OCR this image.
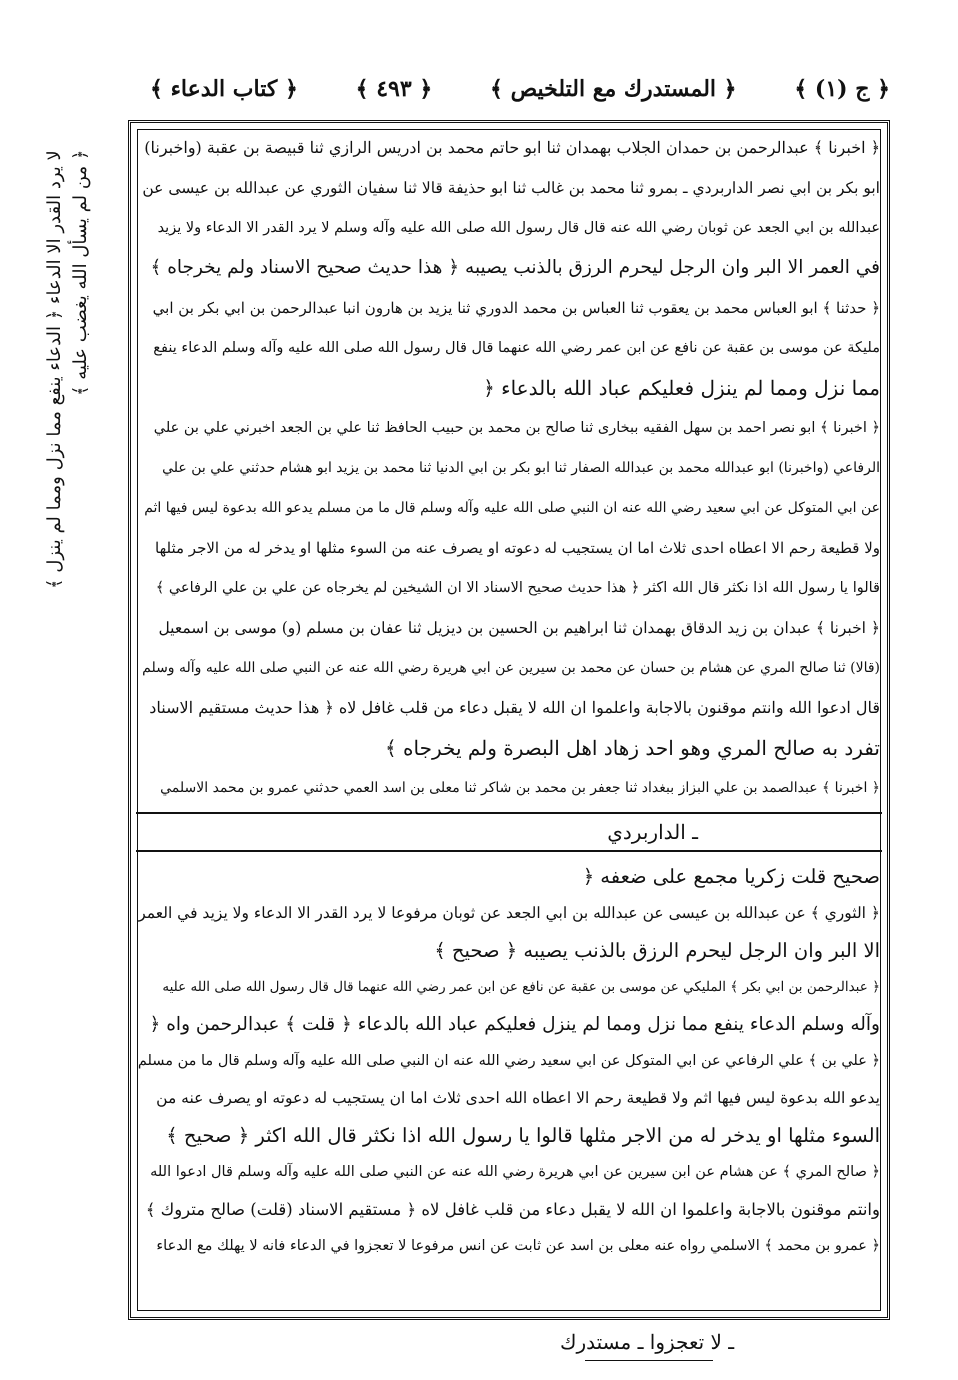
﴿ ج (١) ﴾
﴿ المستدرك مع التلخيص ﴾
﴿ ٤٩٣ ﴾
﴿ كتاب الدعاء ﴾
لا يرد القدر الا الدعاء ﴿ الدعاء ينفع مما نزل ومما لم ينزل ﴾ ﴿ من لم يسأل الله يغضب عليه ﴾
﴿ اخبرنا ﴾ عبدالرحمن بن حمدان الجلاب بهمدان ثنا ابو حاتم محمد بن ادريس الرازي ثنا قبيصة بن عقبة (واخبرنا)
ابو بكر بن ابي نصر الداربردي ـ بمرو ثنا محمد بن غالب ثنا ابو حذيفة قالا ثنا سفيان الثوري عن عبدالله بن عيسى عن
عبدالله بن ابي الجعد عن ثوبان رضي الله عنه قال قال رسول الله صلى الله عليه وآله وسلم لا يرد القدر الا الدعاء ولا يزيد
في العمر الا البر وان الرجل ليحرم الرزق بالذنب يصيبه ﴿ هذا حديث صحيح الاسناد ولم يخرجاه ﴾
﴿ حدثنا ﴾ ابو العباس محمد بن يعقوب ثنا العباس بن محمد الدوري ثنا يزيد بن هارون انبا عبدالرحمن بن ابي بكر بن ابي
مليكة عن موسى بن عقبة عن نافع عن ابن عمر رضي الله عنهما قال قال رسول الله صلى الله عليه وآله وسلم الدعاء ينفع
مما نزل ومما لم ينزل فعليكم عباد الله بالدعاء ﴿
﴿ اخبرنا ﴾ ابو نصر احمد بن سهل الفقيه ببخارى ثنا صالح بن محمد بن حبيب الحافظ ثنا علي بن الجعد اخبرني علي بن علي
الرفاعي (واخبرنا) ابو عبدالله محمد بن عبدالله الصفار ثنا ابو بكر بن ابي الدنيا ثنا محمد بن يزيد ابو هشام حدثني علي بن علي
عن ابي المتوكل عن ابي سعيد رضي الله عنه ان النبي صلى الله عليه وآله وسلم قال ما من مسلم يدعو الله بدعوة ليس فيها اثم
ولا قطيعة رحم الا اعطاه احدى ثلاث اما ان يستجيب له دعوته او يصرف عنه من السوء مثلها او يدخر له من الاجر مثلها
قالوا يا رسول الله اذا نكثر قال الله اكثر ﴿ هذا حديث صحيح الاسناد الا ان الشيخين لم يخرجاه عن علي بن علي الرفاعي ﴾
﴿ اخبرنا ﴾ عبدان بن زيد الدقاق بهمدان ثنا ابراهيم بن الحسين بن ديزيل ثنا عفان بن مسلم (و) موسى بن اسمعيل
(قالا) ثنا صالح المري عن هشام بن حسان عن محمد بن سيرين عن ابي هريرة رضي الله عنه عن النبي صلى الله عليه وآله وسلم
قال ادعوا الله وانتم موقنون بالاجابة واعلموا ان الله لا يقبل دعاء من قلب غافل لاه ﴿ هذا حديث مستقيم الاسناد
تفرد به صالح المري وهو احد زهاد اهل البصرة ولم يخرجاه ﴾
﴿ اخبرنا ﴾ عبدالصمد بن علي البزاز ببغداد ثنا جعفر بن محمد بن شاكر ثنا معلى بن اسد العمي حدثني عمرو بن محمد الاسلمي
ـ الداربردي
صحيح قلت زكريا مجمع على ضعفه ﴿
﴿ الثوري ﴾ عن عبدالله بن عيسى عن عبدالله بن ابي الجعد عن ثوبان مرفوعا لا يرد القدر الا الدعاء ولا يزيد في العمر
الا البر وان الرجل ليحرم الرزق بالذنب يصيبه ﴿ صحيح ﴾
﴿ عبدالرحمن بن ابي بكر ﴾ المليكي عن موسى بن عقبة عن نافع عن ابن عمر رضي الله عنهما قال قال رسول الله صلى الله عليه
وآله وسلم الدعاء ينفع مما نزل ومما لم ينزل فعليكم عباد الله بالدعاء ﴿ قلت ﴾ عبدالرحمن واه ﴿
﴿ علي بن ﴾ علي الرفاعي عن ابي المتوكل عن ابي سعيد رضي الله عنه ان النبي صلى الله عليه وآله وسلم قال ما من مسلم
يدعو الله بدعوة ليس فيها اثم ولا قطيعة رحم الا اعطاه الله احدى ثلاث اما ان يستجيب له دعوته او يصرف عنه من
السوء مثلها او يدخر له من الاجر مثلها قالوا يا رسول الله اذا نكثر قال الله اكثر ﴿ صحيح ﴾
﴿ صالح المري ﴾ عن هشام عن ابن سيرين عن ابي هريرة رضي الله عنه عن النبي صلى الله عليه وآله وسلم قال ادعوا الله
وانتم موقنون بالاجابة واعلموا ان الله لا يقبل دعاء من قلب غافل لاه ﴿ مستقيم الاسناد (قلت) صالح متروك ﴾
﴿ عمرو بن محمد ﴾ الاسلمي رواه عنه معلى بن اسد عن ثابت عن انس مرفوعا لا تعجزوا في الدعاء فانه لا يهلك مع الدعاء
ـ لا تعجزوا ـ مستدرك
